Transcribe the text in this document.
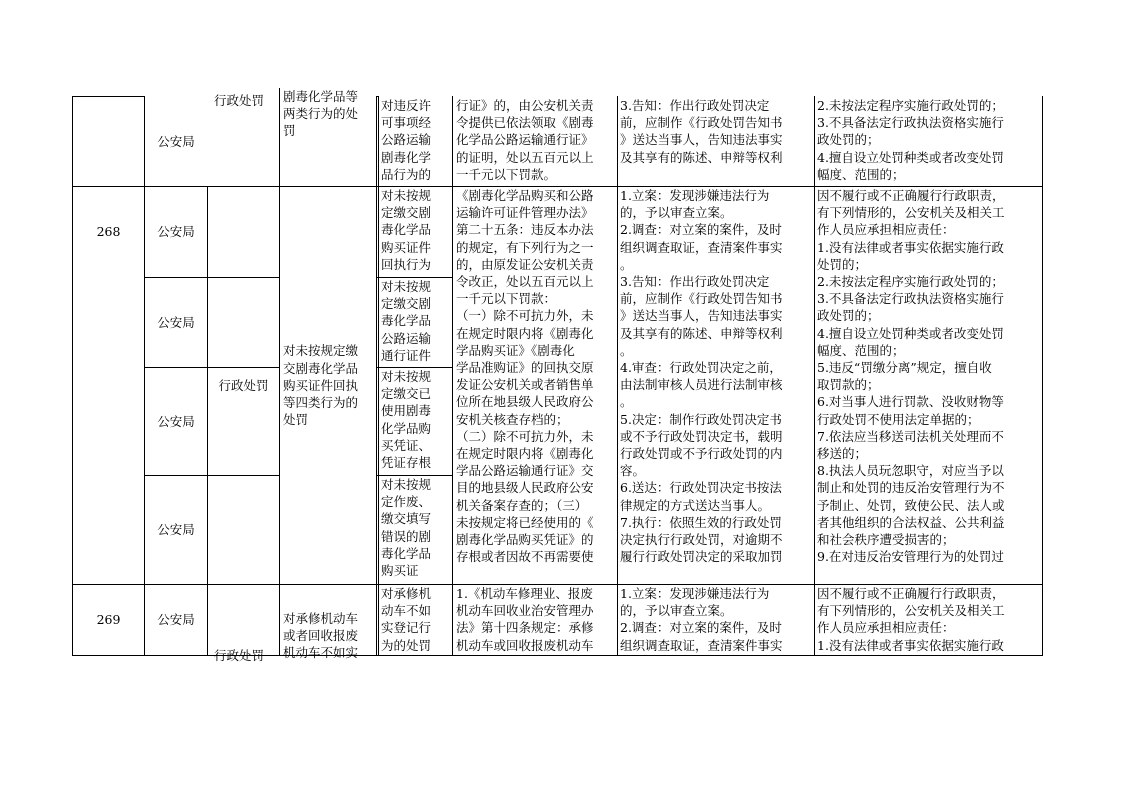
公安局
行政处罚 剧毒化学品等
两类行为的处
罚
对违反许
可事项经
公路运输
剧毒化学
品行为的
行证》的，由公安机关责
令提供已依法领取《剧毒
化学品公路运输通行证》
的证明，处以五百元以上
一千元以下罚款。
3.告知：作出行政处罚决定
前，应制作《行政处罚告知书
》送达当事人，告知违法事实
及其享有的陈述、申辩等权利
2.未按法定程序实施行政处罚的；
3.不具备法定行政执法资格实施行
政处罚的；
4.擅自设立处罚种类或者改变处罚
幅度、范围的；
268	公安局
公安局
公安局
公安局
行政处罚
对未按规定缴
交剧毒化学品
购买证件回执
等四类行为的
处罚
对未按规
定缴交剧
毒化学品
购买证件
回执行为
对未按规
定缴交剧
毒化学品
公路运输
通行证件
对未按规
定缴交已
使用剧毒
化学品购
买凭证、
凭证存根
对未按规
定作废、
缴交填写
错误的剧
毒化学品
购买证
《剧毒化学品购买和公路
运输许可证件管理办法》
第二十五条：违反本办法
的规定，有下列行为之一
的，由原发证公安机关责
令改正，处以五百元以上
一千元以下罚款：
（一）除不可抗力外，未
在规定时限内将《剧毒化
学品购买证》《剧毒化
学品准购证》的回执交原
发证公安机关或者销售单
位所在地县级人民政府公
安机关核查存档的；
（二）除不可抗力外，未
在规定时限内将《剧毒化
学品公路运输通行证》交
目的地县级人民政府公安
机关备案存查的；（三）
未按规定将已经使用的《
剧毒化学品购买凭证》的
存根或者因故不再需要使
1.立案：发现涉嫌违法行为
的，予以审查立案。
2.调查：对立案的案件，及时
组织调查取证，查清案件事实
。
3.告知：作出行政处罚决定
前，应制作《行政处罚告知书
》送达当事人，告知违法事实
及其享有的陈述、申辩等权利
。
4.审查：行政处罚决定之前，
由法制审核人员进行法制审核
。
5.决定：制作行政处罚决定书
或不予行政处罚决定书，载明
行政处罚或不予行政处罚的内
容。
6.送达：行政处罚决定书按法
律规定的方式送达当事人。
7.执行：依照生效的行政处罚
决定执行行政处罚，对逾期不
履行行政处罚决定的采取加罚
因不履行或不正确履行行政职责，
有下列情形的，公安机关及相关工
作人员应承担相应责任：
1.没有法律或者事实依据实施行政
处罚的；
2.未按法定程序实施行政处罚的；
3.不具备法定行政执法资格实施行
政处罚的；
4.擅自设立处罚种类或者改变处罚
幅度、范围的；
5.违反“罚缴分离”规定，擅自收
取罚款的；
6.对当事人进行罚款、没收财物等
行政处罚不使用法定单据的；
7.依法应当移送司法机关处理而不
移送的；
8.执法人员玩忽职守，对应当予以
制止和处罚的违反治安管理行为不
予制止、处罚，致使公民、法人或
者其他组织的合法权益、公共利益
和社会秩序遭受损害的；
9.在对违反治安管理行为的处罚过
269	公安局
行政处罚
对承修机动车
或者回收报废
机动车不如实
对承修机
动车不如
实登记行
为的处罚
1.《机动车修理业、报废
机动车回收业治安管理办
法》第十四条规定：承修
机动车或回收报废机动车
1.立案：发现涉嫌违法行为
的，予以审查立案。
2.调查：对立案的案件，及时
组织调查取证，查清案件事实
因不履行或不正确履行行政职责，
有下列情形的，公安机关及相关工
作人员应承担相应责任：
1.没有法律或者事实依据实施行政
